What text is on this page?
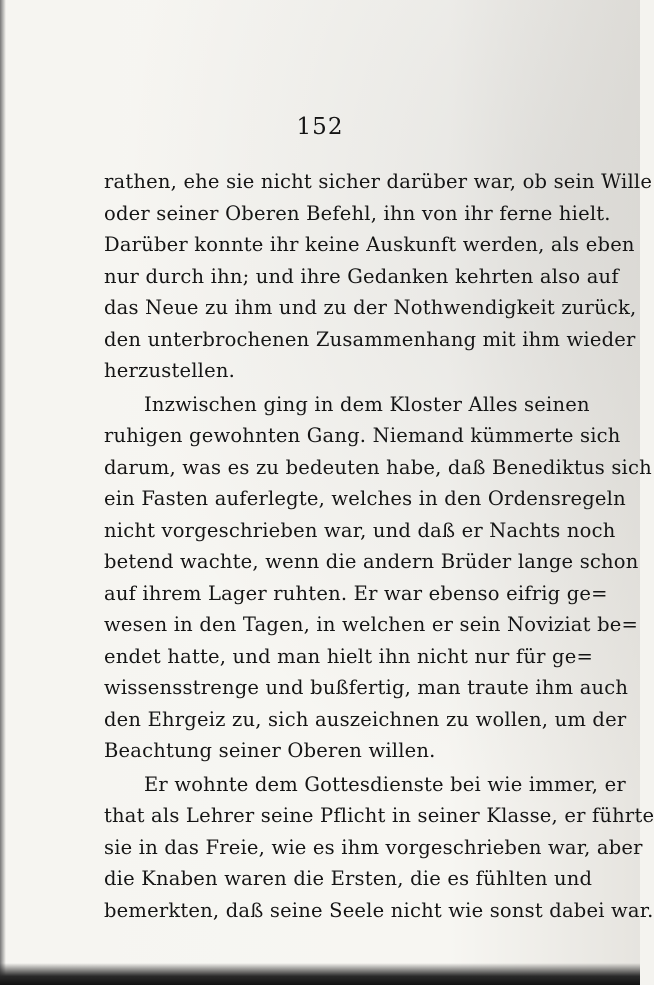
152
rathen, ehe sie nicht sicher darüber war, ob sein Wille
oder seiner Oberen Befehl, ihn von ihr ferne hielt.
Darüber konnte ihr keine Auskunft werden, als eben
nur durch ihn; und ihre Gedanken kehrten also auf
das Neue zu ihm und zu der Nothwendigkeit zurück,
den unterbrochenen Zusammenhang mit ihm wieder
herzustellen.
Inzwischen ging in dem Kloster Alles seinen
ruhigen gewohnten Gang. Niemand kümmerte sich
darum, was es zu bedeuten habe, daß Benediktus sich
ein Fasten auferlegte, welches in den Ordensregeln
nicht vorgeschrieben war, und daß er Nachts noch
betend wachte, wenn die andern Brüder lange schon
auf ihrem Lager ruhten. Er war ebenso eifrig ge=
wesen in den Tagen, in welchen er sein Noviziat be=
endet hatte, und man hielt ihn nicht nur für ge=
wissensstrenge und bußfertig, man traute ihm auch
den Ehrgeiz zu, sich auszeichnen zu wollen, um der
Beachtung seiner Oberen willen.
Er wohnte dem Gottesdienste bei wie immer, er
that als Lehrer seine Pflicht in seiner Klasse, er führte
sie in das Freie, wie es ihm vorgeschrieben war, aber
die Knaben waren die Ersten, die es fühlten und
bemerkten, daß seine Seele nicht wie sonst dabei war.
